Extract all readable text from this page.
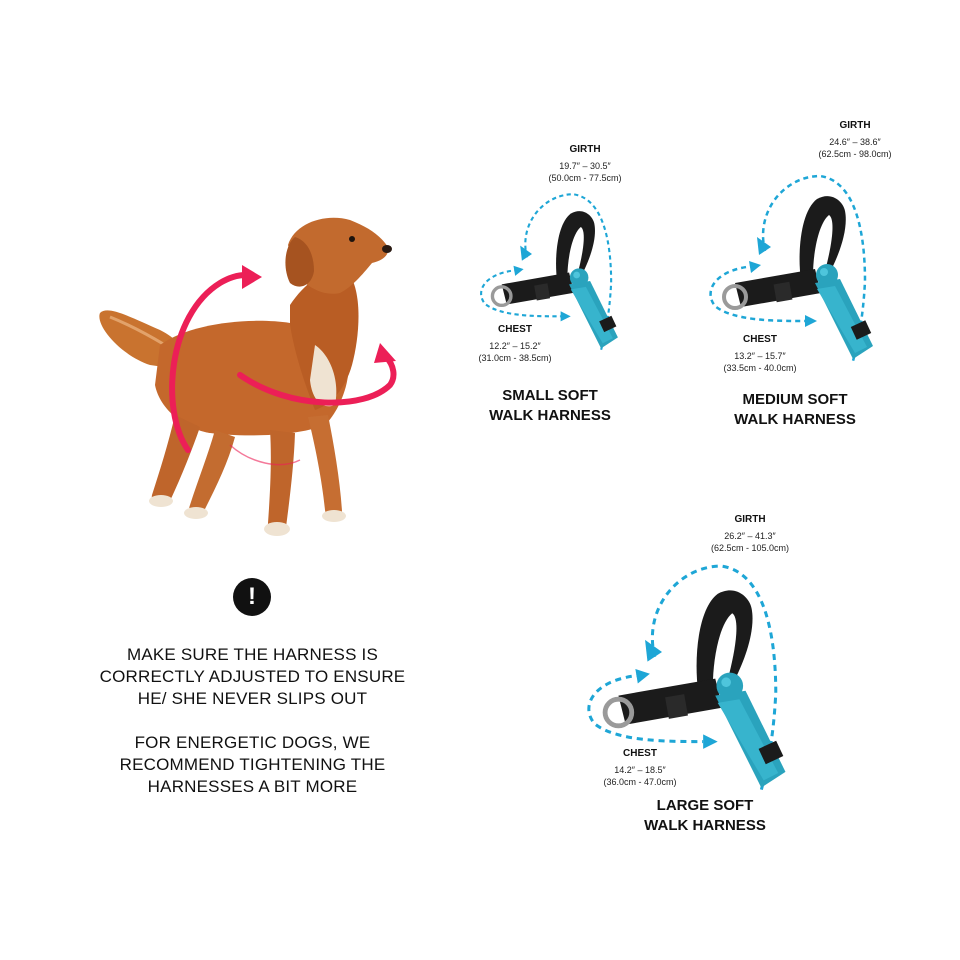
!
MAKE SURE THE HARNESS IS
CORRECTLY ADJUSTED TO ENSURE
HE/ SHE NEVER SLIPS OUT
FOR ENERGETIC DOGS, WE
RECOMMEND TIGHTENING THE
HARNESSES A BIT MORE
GIRTH
19.7″ – 30.5″
(50.0cm - 77.5cm)
CHEST
12.2″ – 15.2″
(31.0cm - 38.5cm)
SMALL SOFT
WALK HARNESS
GIRTH
24.6″ – 38.6″
(62.5cm - 98.0cm)
CHEST
13.2″ – 15.7″
(33.5cm - 40.0cm)
MEDIUM SOFT
WALK HARNESS
GIRTH
26.2″ – 41.3″
(62.5cm - 105.0cm)
CHEST
14.2″ – 18.5″
(36.0cm - 47.0cm)
LARGE SOFT
WALK HARNESS
